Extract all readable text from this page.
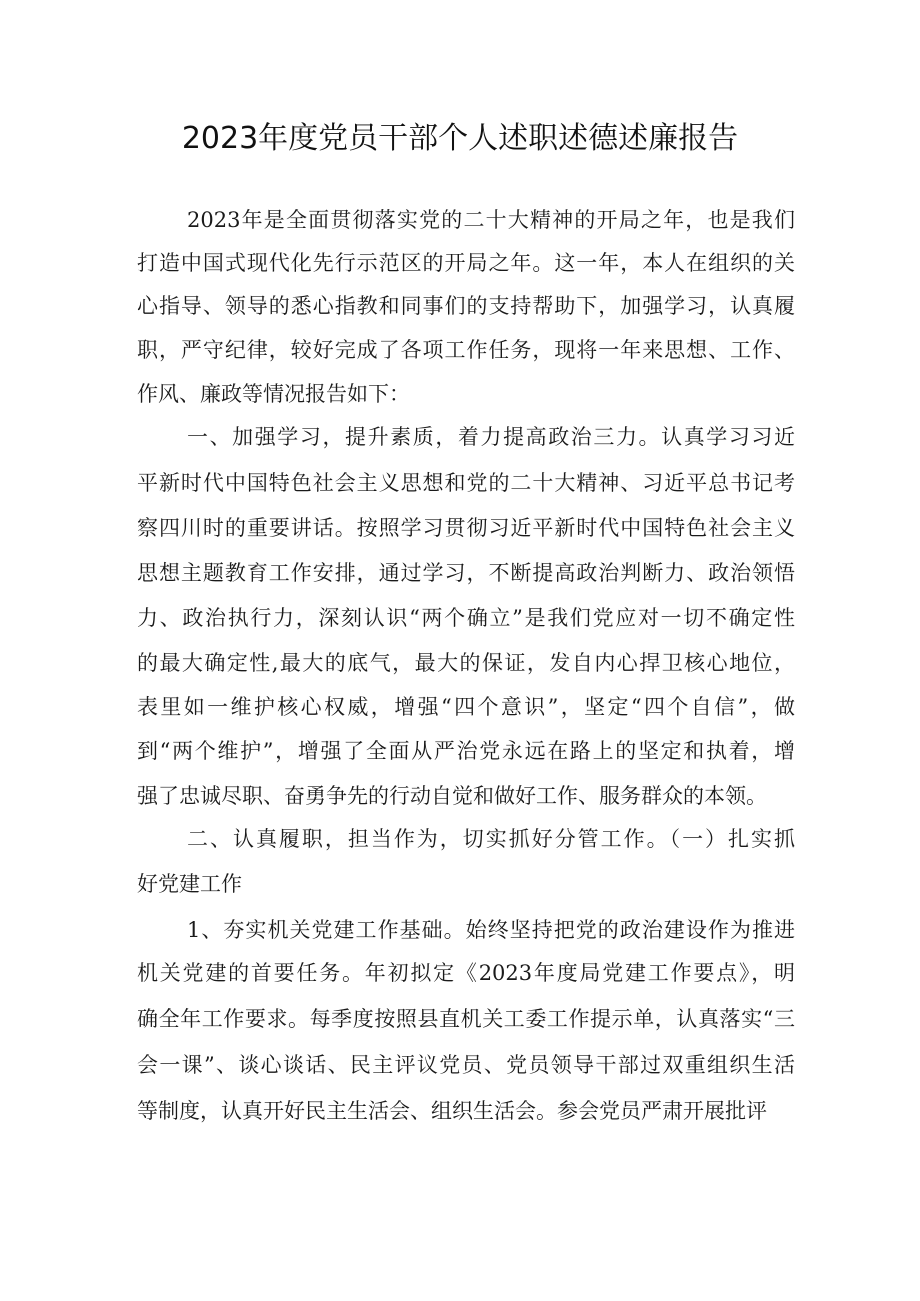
2023年度党员干部个人述职述德述廉报告
2023年是全面贯彻落实党的二十大精神的开局之年，也是我们
打造中国式现代化先行示范区的开局之年。这一年，本人在组织的关
心指导、领导的悉心指教和同事们的支持帮助下，加强学习，认真履
职，严守纪律，较好完成了各项工作任务，现将一年来思想、工作、
作风、廉政等情况报告如下：
一、加强学习，提升素质，着力提高政治三力。认真学习习近
平新时代中国特色社会主义思想和党的二十大精神、习近平总书记考
察四川时的重要讲话。按照学习贯彻习近平新时代中国特色社会主义
思想主题教育工作安排，通过学习，不断提高政治判断力、政治领悟
力、政治执行力，深刻认识“两个确立”是我们党应对一切不确定性
的最大确定性,最大的底气，最大的保证，发自内心捍卫核心地位，
表里如一维护核心权威，增强“四个意识”，坚定“四个自信”，做
到“两个维护”，增强了全面从严治党永远在路上的坚定和执着，增
强了忠诚尽职、奋勇争先的行动自觉和做好工作、服务群众的本领。
二、认真履职，担当作为，切实抓好分管工作。（一）扎实抓
好党建工作
1、夯实机关党建工作基础。始终坚持把党的政治建设作为推进
机关党建的首要任务。年初拟定《2023年度局党建工作要点》，明
确全年工作要求。每季度按照县直机关工委工作提示单，认真落实“三
会一课”、谈心谈话、民主评议党员、党员领导干部过双重组织生活
等制度，认真开好民主生活会、组织生活会。参会党员严肃开展批评
